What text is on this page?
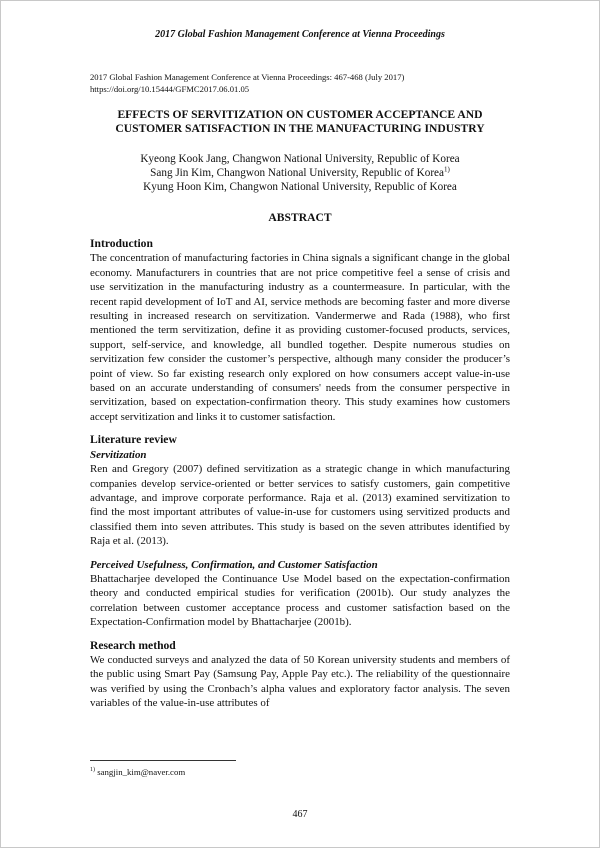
2017 Global Fashion Management Conference at Vienna Proceedings
2017 Global Fashion Management Conference at Vienna Proceedings: 467-468 (July 2017)
https://doi.org/10.15444/GFMC2017.06.01.05
EFFECTS OF SERVITIZATION ON CUSTOMER ACCEPTANCE AND
CUSTOMER SATISFACTION IN THE MANUFACTURING INDUSTRY
Kyeong Kook Jang, Changwon National University, Republic of Korea
Sang Jin Kim, Changwon National University, Republic of Korea$^{1)}$
Kyung Hoon Kim, Changwon National University, Republic of Korea
ABSTRACT
Introduction

The concentration of manufacturing factories in China signals a significant change in the global economy. Manufacturers in countries that are not price competitive feel a sense of crisis and use servitization in the manufacturing industry as a countermeasure. In particular, with the recent rapid development of IoT and AI, service methods are becoming faster and more diverse resulting in increased research on servitization. Vandermerwe and Rada (1988), who first mentioned the term servitization, define it as providing customer-focused products, services, support, self-service, and knowledge, all bundled together. Despite numerous studies on servitization few consider the customer’s perspective, although many consider the producer’s point of view. So far existing research only explored on how consumers accept value-in-use based on an accurate understanding of consumers' needs from the consumer perspective in servitization, based on expectation-confirmation theory. This study examines how customers accept servitization and links it to customer satisfaction.

Literature review
Servitization

Ren and Gregory (2007) defined servitization as a strategic change in which manufacturing companies develop service-oriented or better services to satisfy customers, gain competitive advantage, and improve corporate performance. Raja et al. (2013) examined servitization to find the most important attributes of value-in-use for customers using servitized products and classified them into seven attributes. This study is based on the seven attributes identified by Raja et al. (2013).

Perceived Usefulness, Confirmation, and Customer Satisfaction

Bhattacharjee developed the Continuance Use Model based on the expectation-confirmation theory and conducted empirical studies for verification (2001b). Our study analyzes the correlation between customer acceptance process and customer satisfaction based on the Expectation-Confirmation model by Bhattacharjee (2001b).

Research method

We conducted surveys and analyzed the data of 50 Korean university students and members of the public using Smart Pay (Samsung Pay, Apple Pay etc.). The reliability of the questionnaire was verified by using the Cronbach’s alpha values and exploratory factor analysis. The seven variables of the value-in-use attributes of

$^{1)}$ sangjin_kim@naver.com
467
